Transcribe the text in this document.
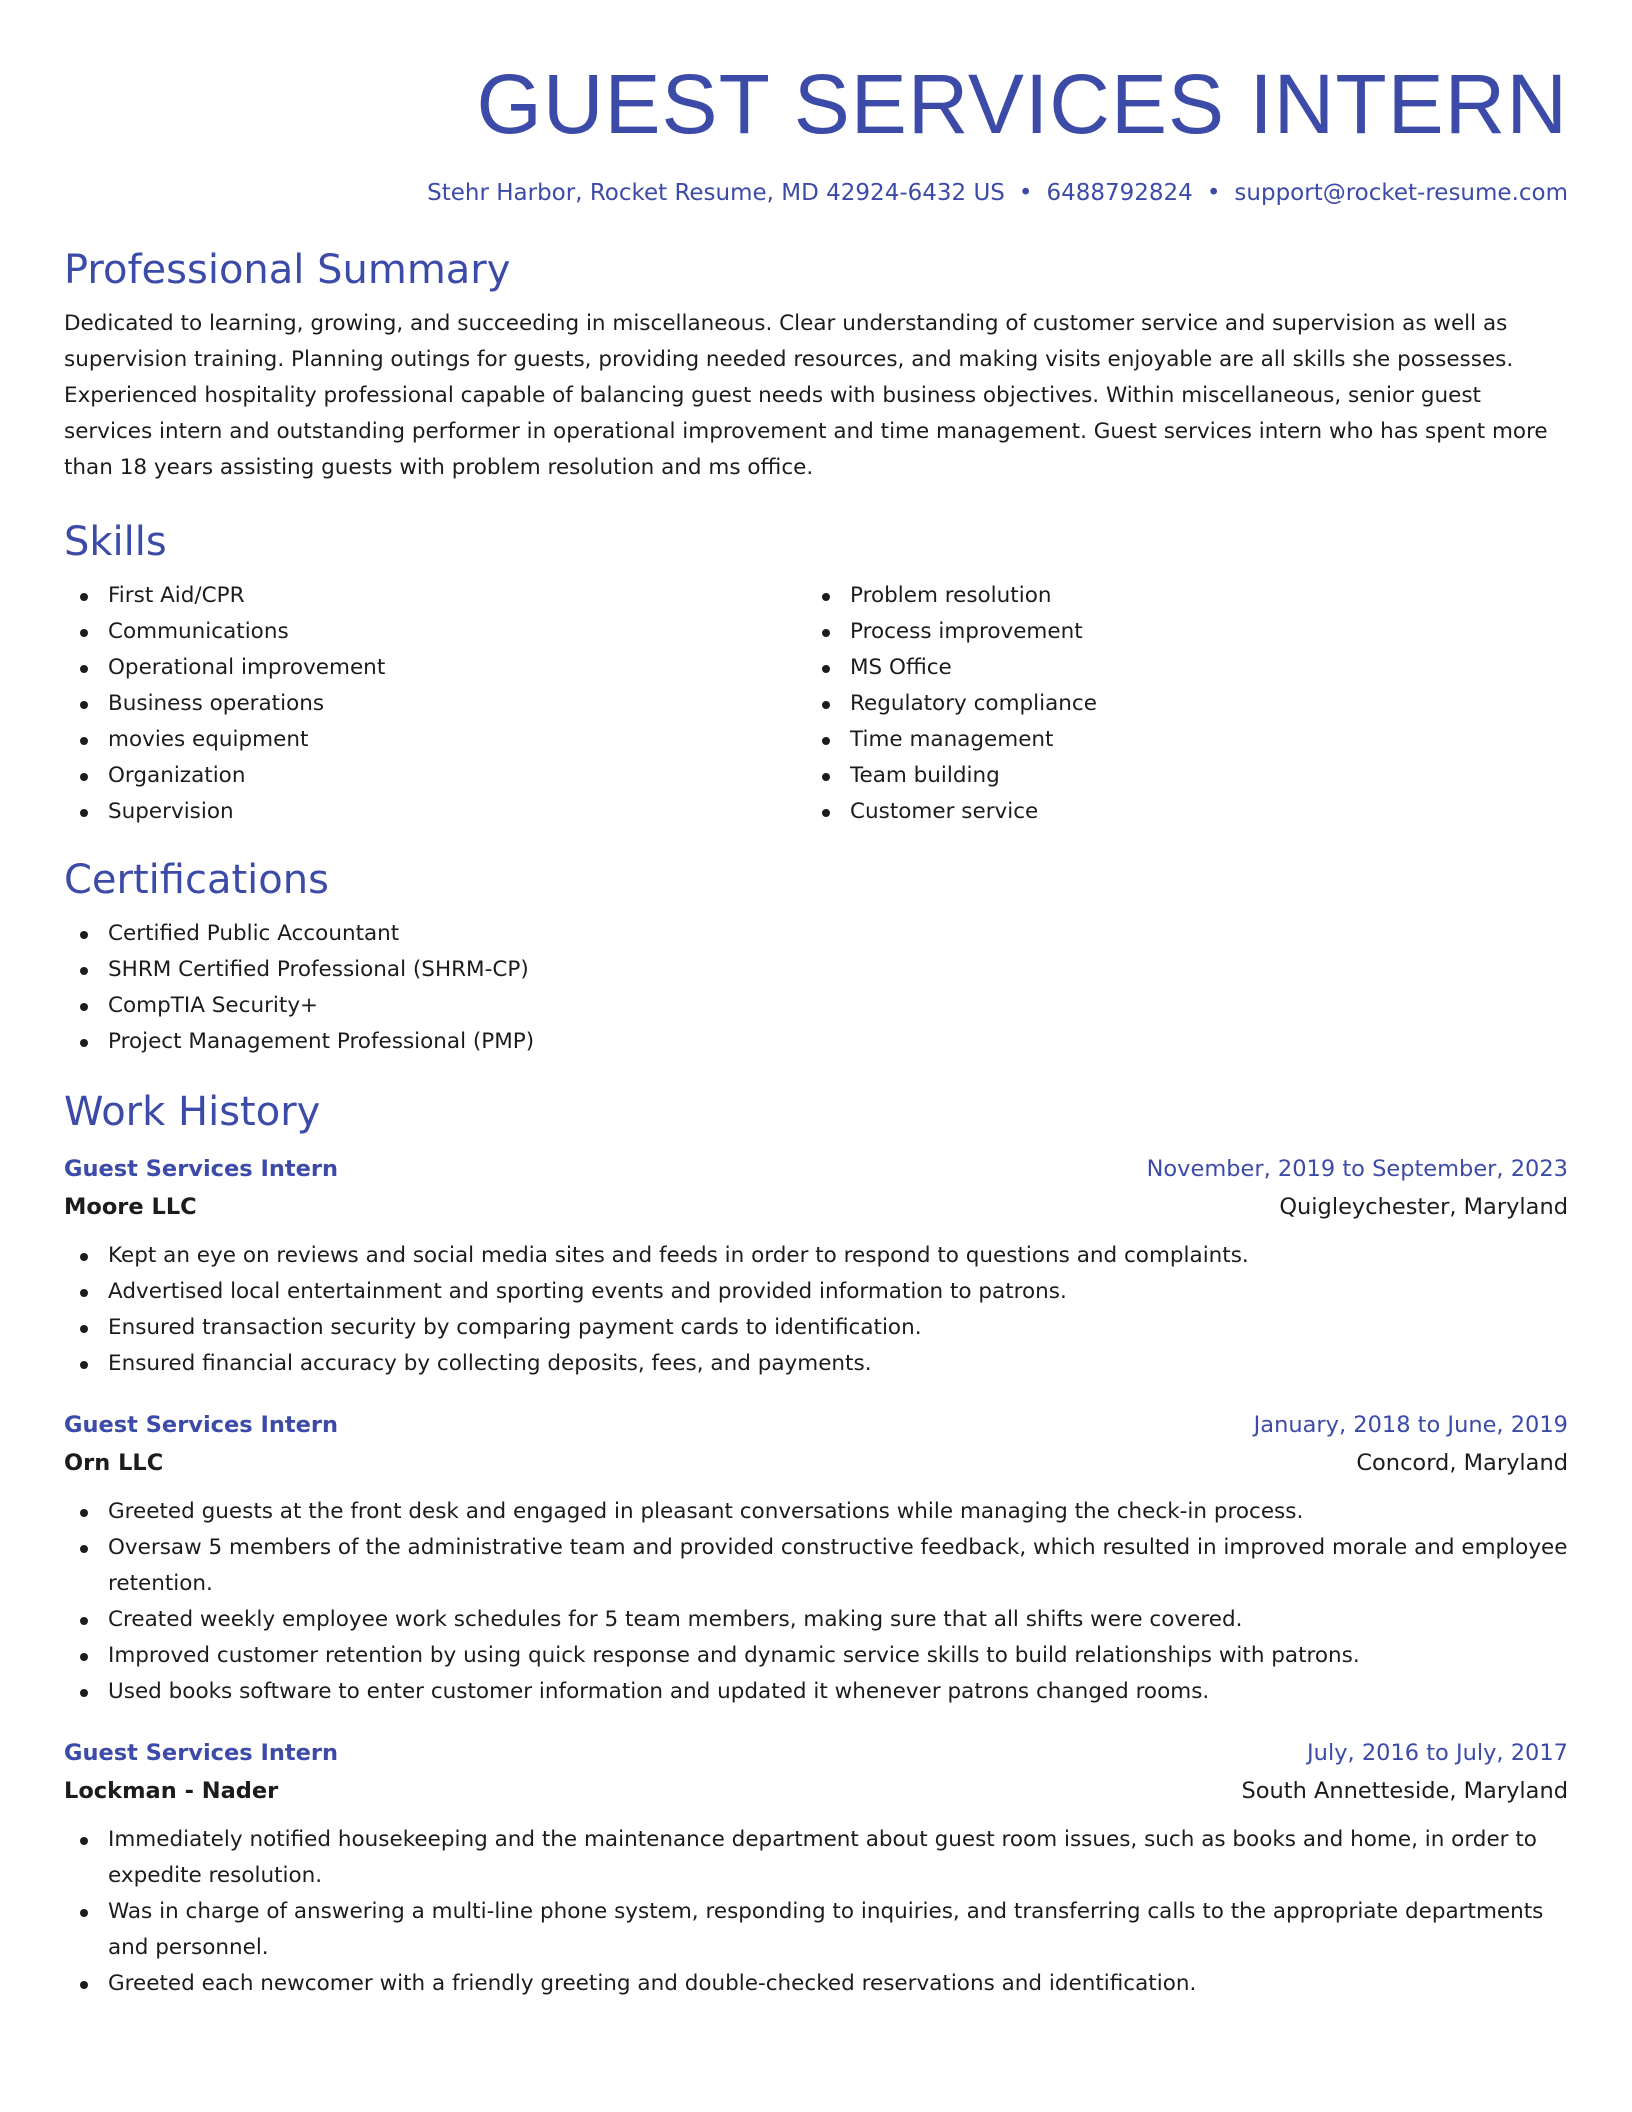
GUEST SERVICES INTERN
Stehr Harbor, Rocket Resume, MD 42924-6432 US • 6488792824 • support@rocket-resume.com
Professional Summary

Dedicated to learning, growing, and succeeding in miscellaneous. Clear understanding of customer service and supervision as well as supervision training. Planning outings for guests, providing needed resources, and making visits enjoyable are all skills she possesses. Experienced hospitality professional capable of balancing guest needs with business objectives. Within miscellaneous, senior guest services intern and outstanding performer in operational improvement and time management. Guest services intern who has spent more than 18 years assisting guests with problem resolution and ms office.

Skills
First Aid/CPR
Communications
Operational improvement
Business operations
movies equipment
Organization
Supervision
Problem resolution
Process improvement
MS Office
Regulatory compliance
Time management
Team building
Customer service
Certifications
Certified Public Accountant
SHRM Certified Professional (SHRM-CP)
CompTIA Security+
Project Management Professional (PMP)
Work History
Guest Services Intern	November, 2019 to September, 2023
Moore LLC	Quigleychester, Maryland
Kept an eye on reviews and social media sites and feeds in order to respond to questions and complaints.
Advertised local entertainment and sporting events and provided information to patrons.
Ensured transaction security by comparing payment cards to identification.
Ensured financial accuracy by collecting deposits, fees, and payments.
Guest Services Intern	January, 2018 to June, 2019
Orn LLC	Concord, Maryland
Greeted guests at the front desk and engaged in pleasant conversations while managing the check-in process.
Oversaw 5 members of the administrative team and provided constructive feedback, which resulted in improved morale and employee retention.
Created weekly employee work schedules for 5 team members, making sure that all shifts were covered.
Improved customer retention by using quick response and dynamic service skills to build relationships with patrons.
Used books software to enter customer information and updated it whenever patrons changed rooms.
Guest Services Intern	July, 2016 to July, 2017
Lockman - Nader	South Annetteside, Maryland
Immediately notified housekeeping and the maintenance department about guest room issues, such as books and home, in order to expedite resolution.
Was in charge of answering a multi-line phone system, responding to inquiries, and transferring calls to the appropriate departments and personnel.
Greeted each newcomer with a friendly greeting and double-checked reservations and identification.
